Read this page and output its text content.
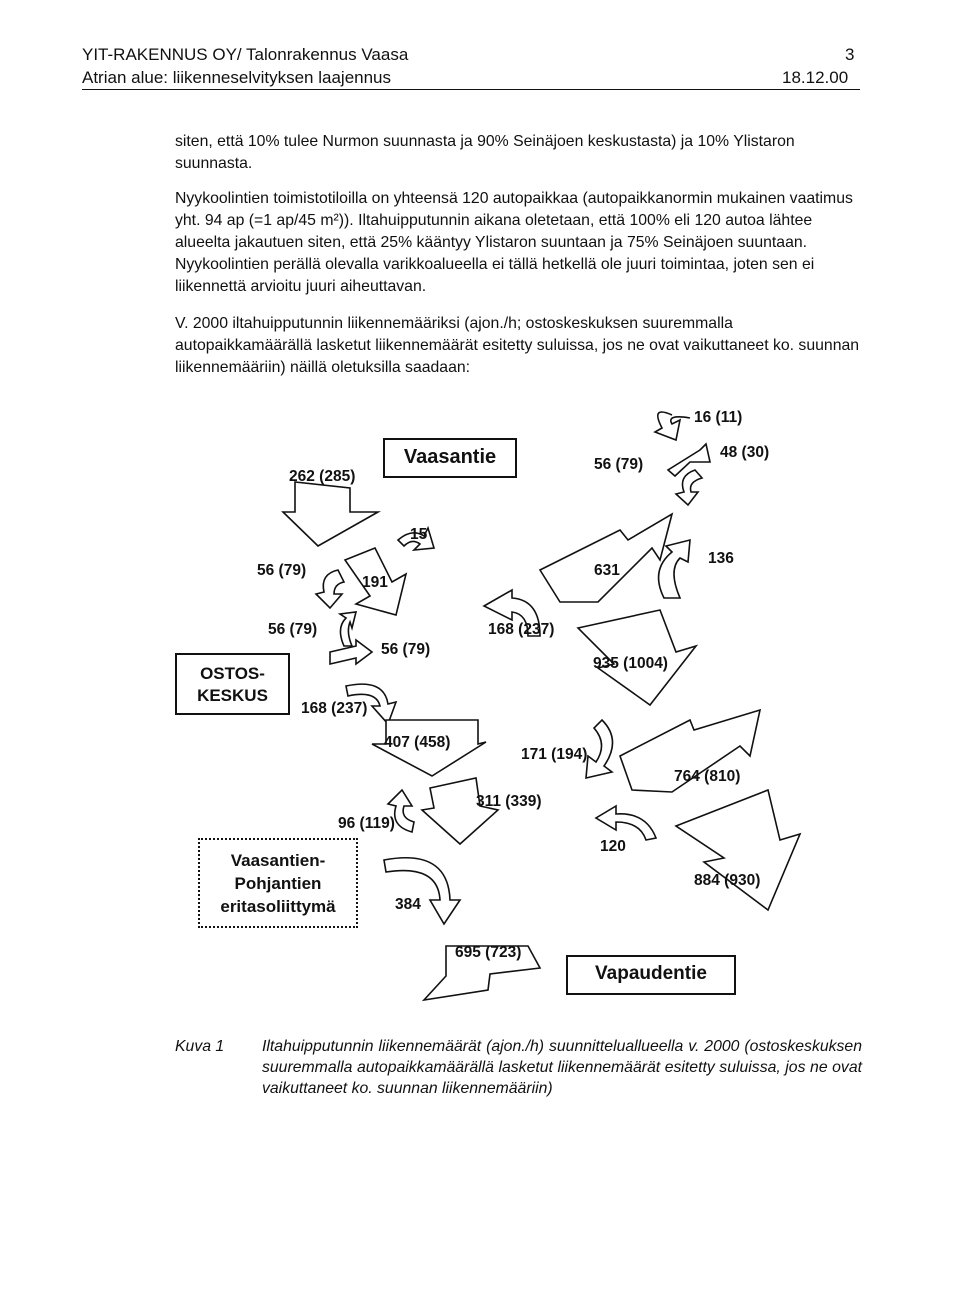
YIT-RAKENNUS OY/ Talonrakennus Vaasa	3
Atrian alue: liikenneselvityksen laajennus	18.12.00

siten, että 10% tulee Nurmon suunnasta ja 90% Seinäjoen keskustasta) ja 10% Ylistaron suunnasta.

Nyykoolintien toimistotiloilla on yhteensä 120 autopaikkaa (autopaikkanormin mukainen vaatimus yht. 94 ap (=1 ap/45 m²)). Iltahuipputunnin aikana oletetaan, että 100% eli 120 autoa lähtee alueelta jakautuen siten, että 25% kääntyy Ylistaron suuntaan ja 75% Seinäjoen suuntaan. Nyykoolintien perällä olevalla varikkoalueella ei tällä hetkellä ole juuri toimintaa, joten sen ei liikennettä arvioitu juuri aiheuttavan.

V. 2000 iltahuipputunnin liikennemääriksi (ajon./h; ostoskeskuksen suuremmalla autopaikkamäärällä lasketut liikennemäärät esitetty suluissa, jos ne ovat vaikuttaneet ko. suunnan liikennemääriin) näillä oletuksilla saadaan:

Vaasantie
OSTOS-
KESKUS
Vaasantien-
Pohjantien
eritasoliittymä
Vapaudentie
16 (11)
48 (30)
56 (79)
262 (285)
15
56 (79)
191
631
136
56 (79)	168 (237)
56 (79)
935 (1004)
168 (237)
407 (458)
171 (194)
764 (810)
311 (339)
96 (119)
120
884 (930)
384
695 (723)
Kuva 1 Iltahuipputunnin liikennemäärät (ajon./h) suunnitteluallueella v. 2000 (ostoskeskuksen suuremmalla autopaikkamäärällä lasketut liikennemäärät esitetty suluissa, jos ne ovat vaikuttaneet ko. suunnan liikennemääriin)
